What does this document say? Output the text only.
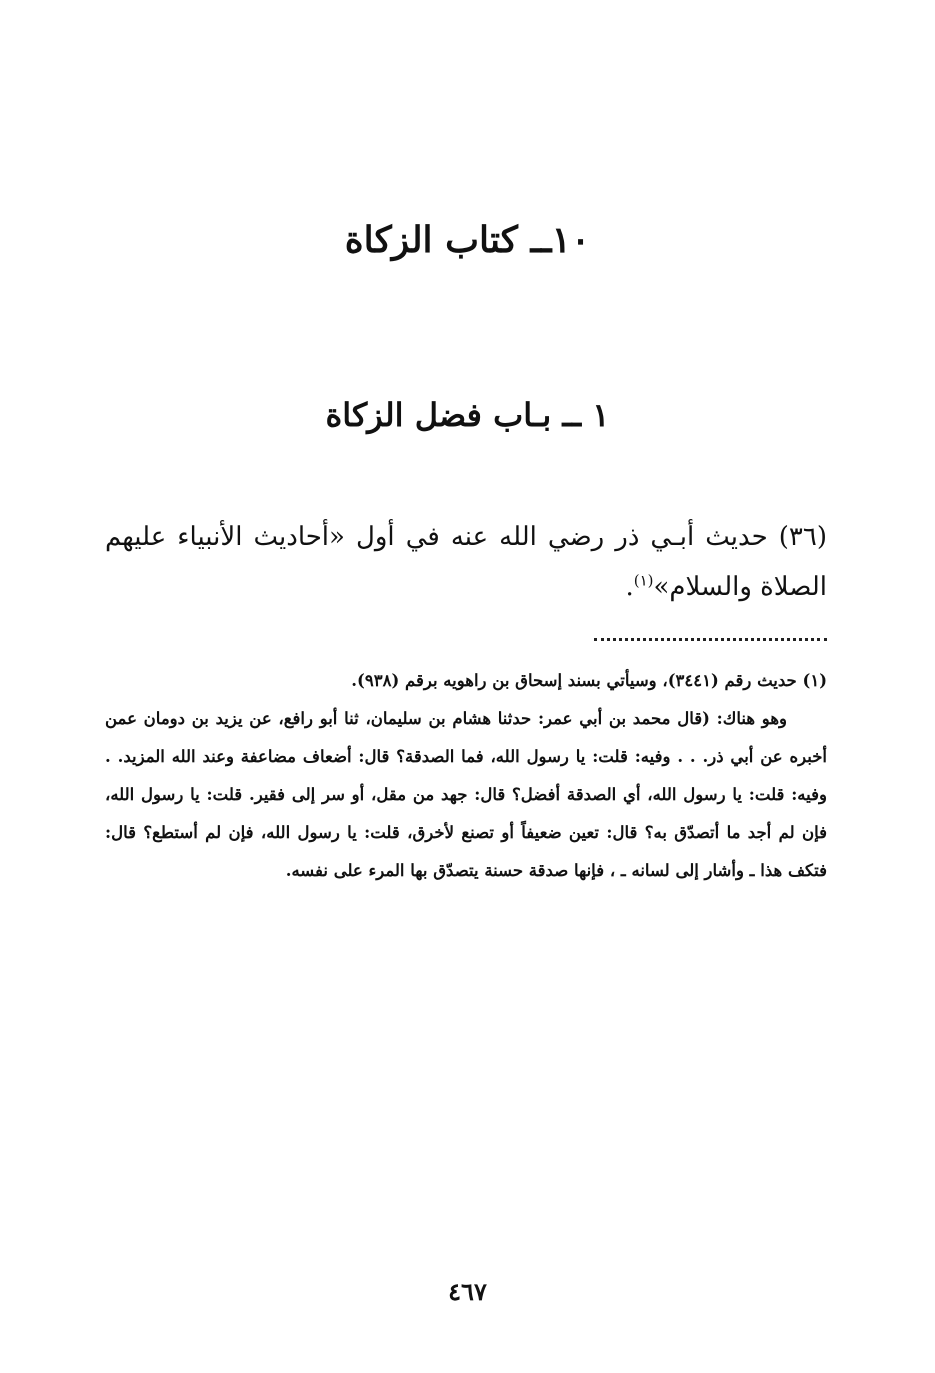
١٠ــ كتاب الزكاة
١ ــ بـاب فضل الزكاة
(٣٦) حديث أبـي ذر رضي الله عنه في أول «أحاديث الأنبياء عليهم الصلاة والسلام»$^{(١)}$.
(١) حديث رقم (٣٤٤١)، وسيأتي بسند إسحاق بن راهويه برقم (٩٣٨).
وهو هناك: (قال محمد بن أبي عمر: حدثنا هشام بن سليمان، ثنا أبو رافع، عن يزيد بن دومان عمن أخبره عن أبي ذر. . . وفيه: قلت: يا رسول الله، فما الصدقة؟ قال: أضعاف مضاعفة وعند الله المزيد. . وفيه: قلت: يا رسول الله، أي الصدقة أفضل؟ قال: جهد من مقل، أو سر إلى فقير. قلت: يا رسول الله، فإن لم أجد ما أتصدّق به؟ قال: تعين ضعيفاً أو تصنع لأخرق، قلت: يا رسول الله، فإن لم أستطع؟ قال: فتكف هذا ـ وأشار إلى لسانه ـ ، فإنها صدقة حسنة يتصدّق بها المرء على نفسه.
٤٦٧
